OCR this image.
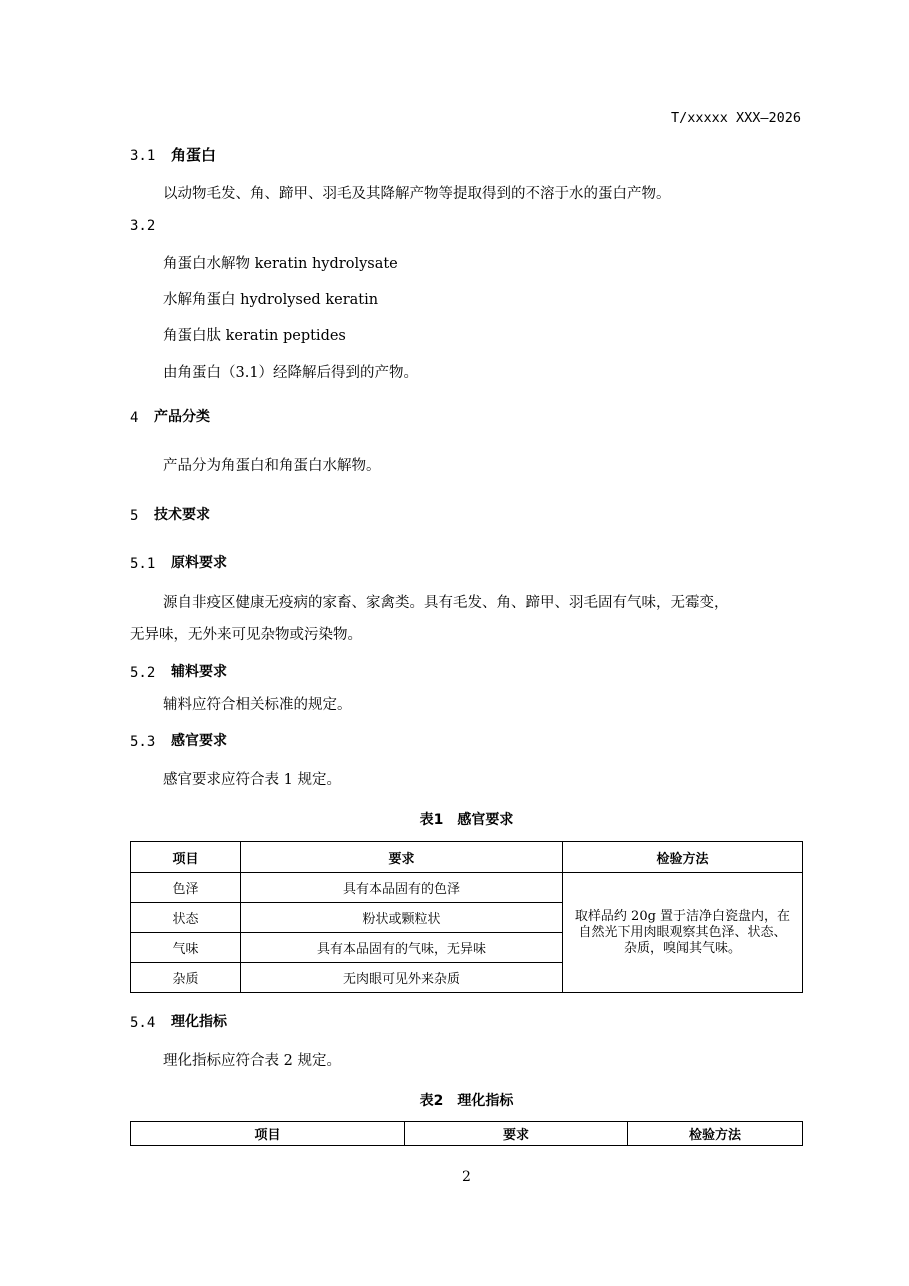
T/xxxxx XXX—2026
3.1 角蛋白
以动物毛发、角、蹄甲、羽毛及其降解产物等提取得到的不溶于水的蛋白产物。
3.2
角蛋白水解物 keratin hydrolysate
水解角蛋白 hydrolysed keratin
角蛋白肽 keratin peptides
由角蛋白（3.1）经降解后得到的产物。
4 产品分类
产品分为角蛋白和角蛋白水解物。
5 技术要求
5.1 原料要求
源自非疫区健康无疫病的家畜、家禽类。具有毛发、角、蹄甲、羽毛固有气味，无霉变，
无异味，无外来可见杂物或污染物。
5.2 辅料要求
辅料应符合相关标准的规定。
5.3 感官要求
感官要求应符合表 1 规定。
表1　感官要求
项目	要求	检验方法
色泽	具有本品固有的色泽	取样品约 20g 置于洁净白瓷盘内，在自然光下用肉眼观察其色泽、状态、杂质，嗅闻其气味。
状态	粉状或颗粒状	
气味	具有本品固有的气味，无异味	
杂质	无肉眼可见外来杂质	
5.4 理化指标
理化指标应符合表 2 规定。
表2　理化指标
项目	要求	检验方法
2
